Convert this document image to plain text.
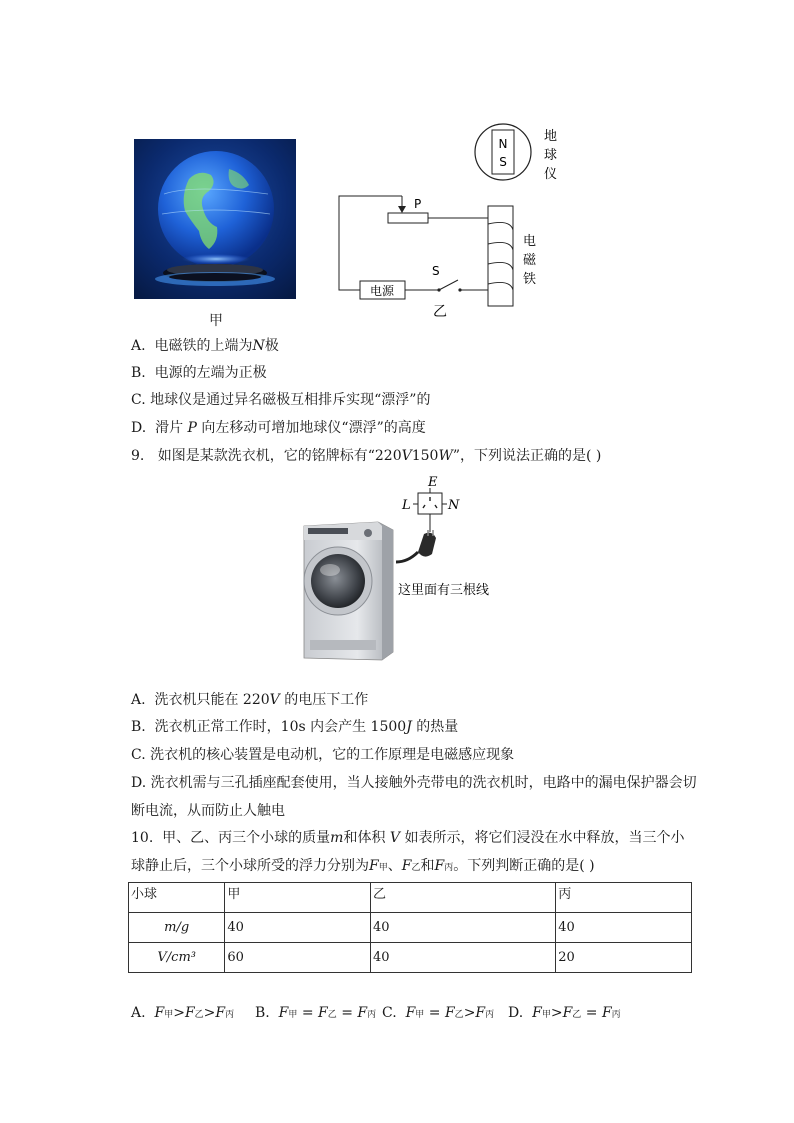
甲
N
S
地
球
仪
P
S
电源
电
磁
铁
乙
A. 电磁铁的上端为N极
B. 电源的左端为正极
C. 地球仪是通过异名磁极互相排斥实现“漂浮”的
D. 滑片 P 向左移动可增加地球仪“漂浮”的高度
9. 如图是某款洗衣机，它的铭牌标有“220V150W”，下列说法正确的是( )
E
L	N
这里面有三根线
A. 洗衣机只能在 220V 的电压下工作
B. 洗衣机正常工作时，10s 内会产生 1500J 的热量
C. 洗衣机的核心装置是电动机，它的工作原理是电磁感应现象
D. 洗衣机需与三孔插座配套使用，当人接触外壳带电的洗衣机时，电路中的漏电保护器会切
断电流，从而防止人触电
10. 甲、乙、丙三个小球的质量m和体积 V 如表所示，将它们浸没在水中释放，当三个小
球静止后，三个小球所受的浮力分别为F甲、F乙和F丙。下列判断正确的是( )
小球	甲	乙	丙
m/g	40	40	40
V/cm³	60	40	20
A. F甲>F乙>F丙 B. F甲 = F乙 = F丙 C. F甲 = F乙>F丙 D. F甲>F乙 = F丙
